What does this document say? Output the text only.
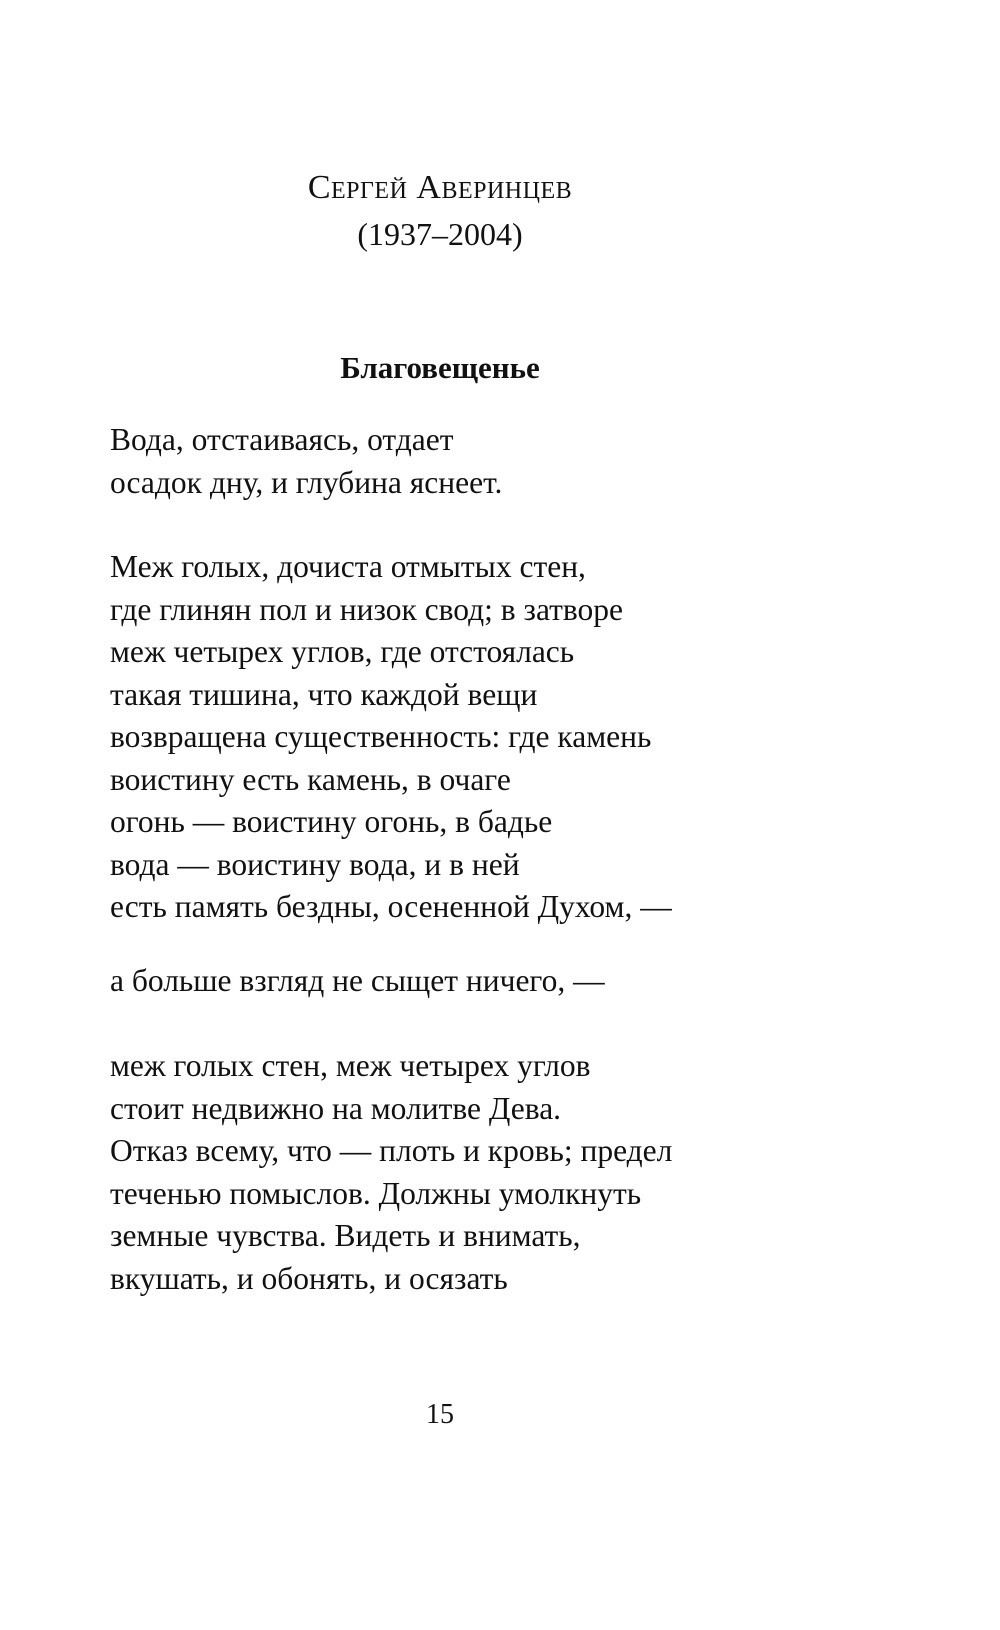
Сергей Аверинцев
(1937–2004)
Благовещенье
Вода, отстаиваясь, отдает
осадок дну, и глубина яснеет.
Меж голых, дочиста отмытых стен,
где глинян пол и низок свод; в затворе
меж четырех углов, где отстоялась
такая тишина, что каждой вещи
возвращена существенность: где камень
воистину есть камень, в очаге
огонь — воистину огонь, в бадье
вода — воистину вода, и в ней
есть память бездны, осененной Духом, —
а больше взгляд не сыщет ничего, —
меж голых стен, меж четырех углов
стоит недвижно на молитве Дева.
Отказ всему, что — плоть и кровь; предел
теченью помыслов. Должны умолкнуть
земные чувства. Видеть и внимать,
вкушать, и обонять, и осязать
15
